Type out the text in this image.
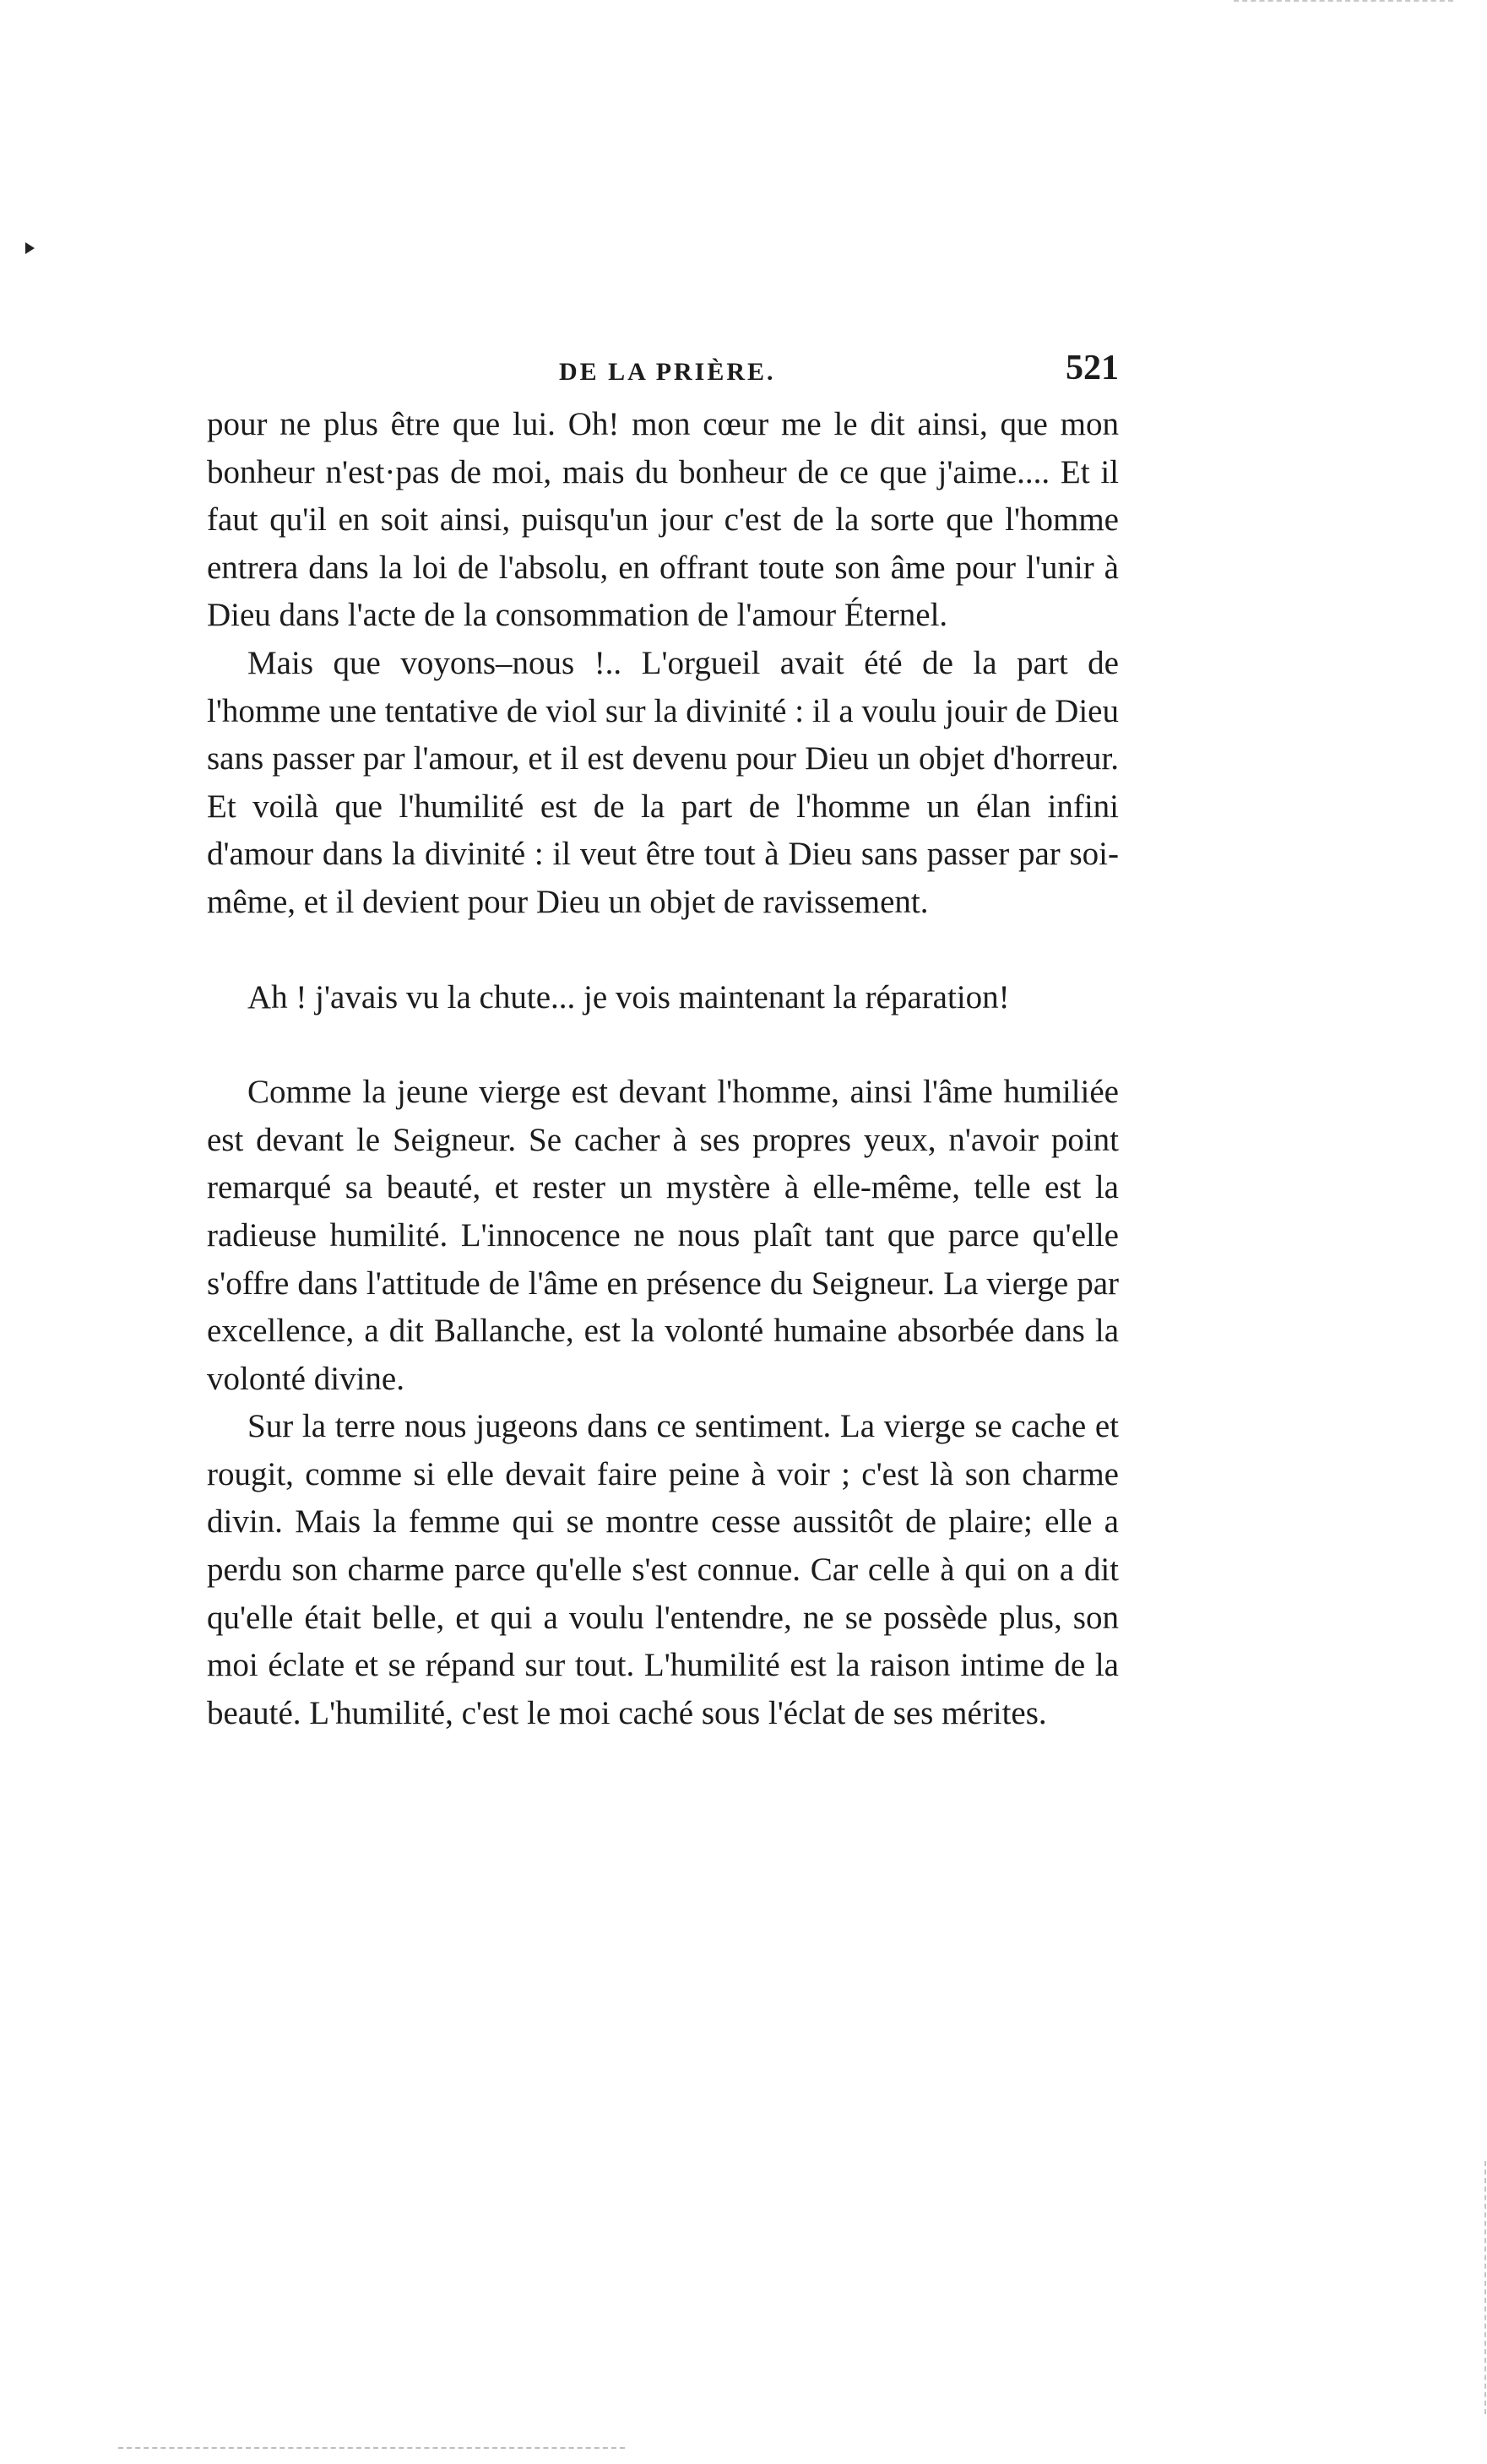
DE LA PRIÈRE.	521

pour ne plus être que lui. Oh! mon cœur me le dit ainsi, que mon bonheur n'est·pas de moi, mais du bonheur de ce que j'aime.... Et il faut qu'il en soit ainsi, puisqu'un jour c'est de la sorte que l'homme entrera dans la loi de l'absolu, en offrant toute son âme pour l'unir à Dieu dans l'acte de la consommation de l'amour Éternel.

Mais que voyons–nous !.. L'orgueil avait été de la part de l'homme une tentative de viol sur la divinité : il a voulu jouir de Dieu sans passer par l'amour, et il est devenu pour Dieu un objet d'horreur. Et voilà que l'humilité est de la part de l'homme un élan infini d'amour dans la divinité : il veut être tout à Dieu sans passer par soi-même, et il devient pour Dieu un objet de ravissement.

Ah ! j'avais vu la chute... je vois maintenant la réparation!

Comme la jeune vierge est devant l'homme, ainsi l'âme humiliée est devant le Seigneur. Se cacher à ses propres yeux, n'avoir point remarqué sa beauté, et rester un mystère à elle-même, telle est la radieuse humilité. L'innocence ne nous plaît tant que parce qu'elle s'offre dans l'attitude de l'âme en présence du Seigneur. La vierge par excellence, a dit Ballanche, est la volonté humaine absorbée dans la volonté divine.

Sur la terre nous jugeons dans ce sentiment. La vierge se cache et rougit, comme si elle devait faire peine à voir ; c'est là son charme divin. Mais la femme qui se montre cesse aussitôt de plaire; elle a perdu son charme parce qu'elle s'est connue. Car celle à qui on a dit qu'elle était belle, et qui a voulu l'entendre, ne se possède plus, son moi éclate et se répand sur tout. L'humilité est la raison intime de la beauté. L'humilité, c'est le moi caché sous l'éclat de ses mérites.
